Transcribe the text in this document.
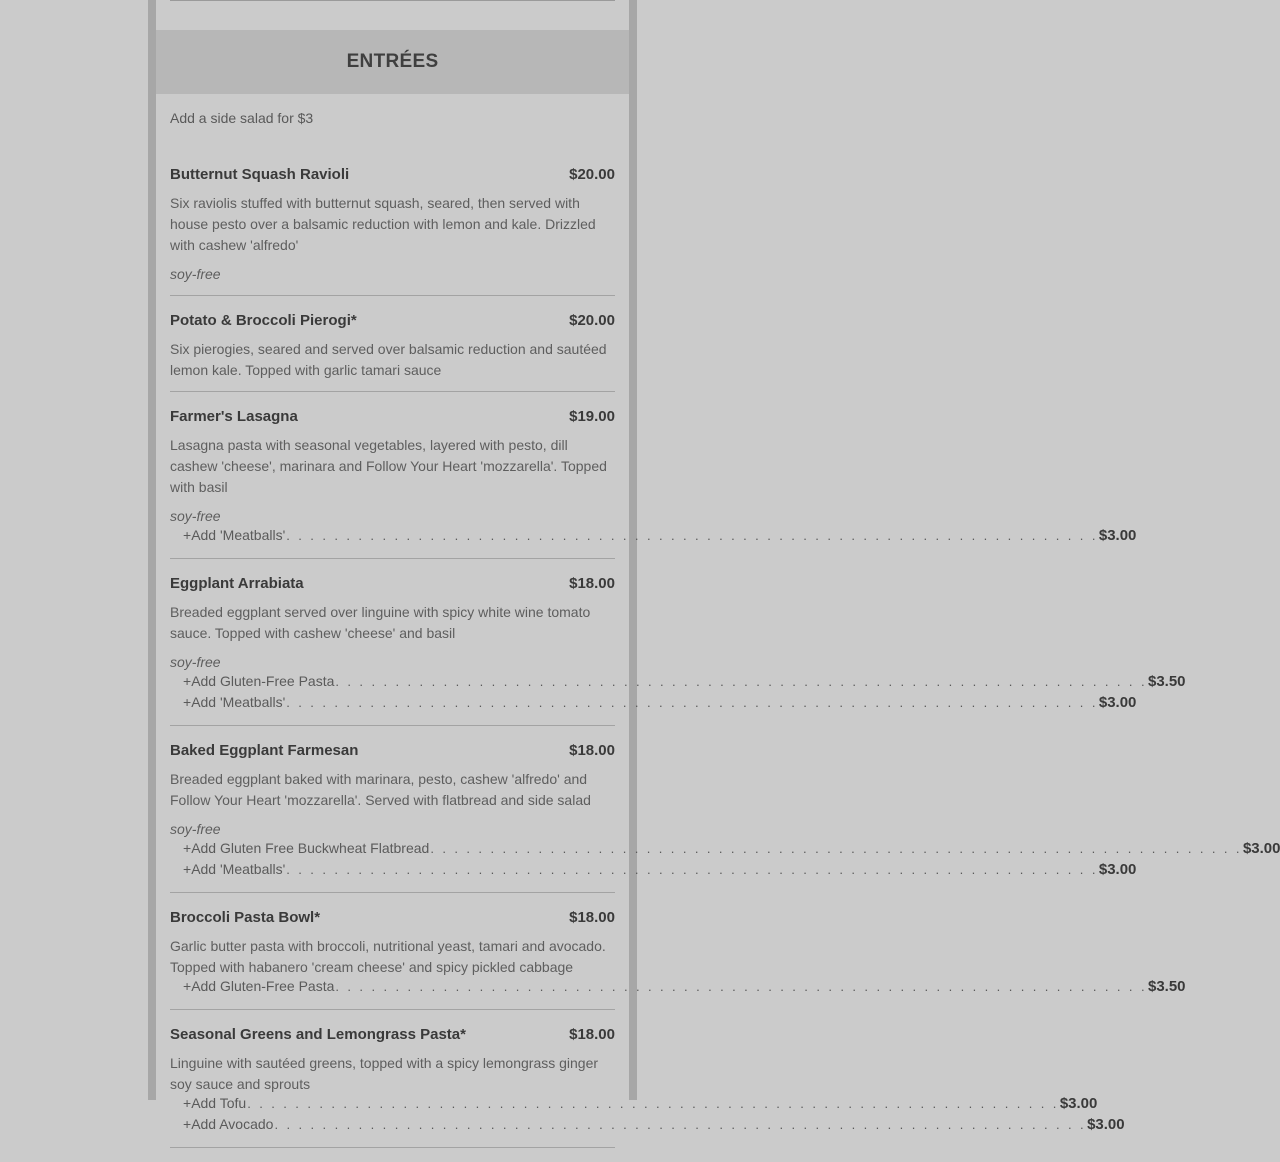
ENTRÉES
Add a side salad for $3
Butternut Squash Ravioli	$20.00
Six raviolis stuffed with butternut squash, seared, then served with house pesto over a balsamic reduction with lemon and kale. Drizzled with cashew 'alfredo'
soy-free
Potato & Broccoli Pierogi*	$20.00
Six pierogies, seared and served over balsamic reduction and sautéed lemon kale. Topped with garlic tamari sauce
Farmer's Lasagna	$19.00
Lasagna pasta with seasonal vegetables, layered with pesto, dill cashew 'cheese', marinara and Follow Your Heart 'mozzarella'. Topped with basil
soy-free
+ Add 'Meatballs' . . .	$3.00
Eggplant Arrabiata	$18.00
Breaded eggplant served over linguine with spicy white wine tomato sauce. Topped with cashew 'cheese' and basil
soy-free
+ Add Gluten-Free Pasta . . .	$3.50
+ Add 'Meatballs' . . .	$3.00
Baked Eggplant Farmesan	$18.00
Breaded eggplant baked with marinara, pesto, cashew 'alfredo' and Follow Your Heart 'mozzarella'. Served with flatbread and side salad
soy-free
+ Add Gluten Free Buckwheat Flatbread . . .	$3.00
+ Add 'Meatballs' . . .	$3.00
Broccoli Pasta Bowl*	$18.00
Garlic butter pasta with broccoli, nutritional yeast, tamari and avocado. Topped with habanero 'cream cheese' and spicy pickled cabbage
+ Add Gluten-Free Pasta . . .	$3.50
Seasonal Greens and Lemongrass Pasta*	$18.00
Linguine with sautéed greens, topped with a spicy lemongrass ginger soy sauce and sprouts
+ Add Tofu . . .	$3.00
+ Add Avocado . . .	$3.00
